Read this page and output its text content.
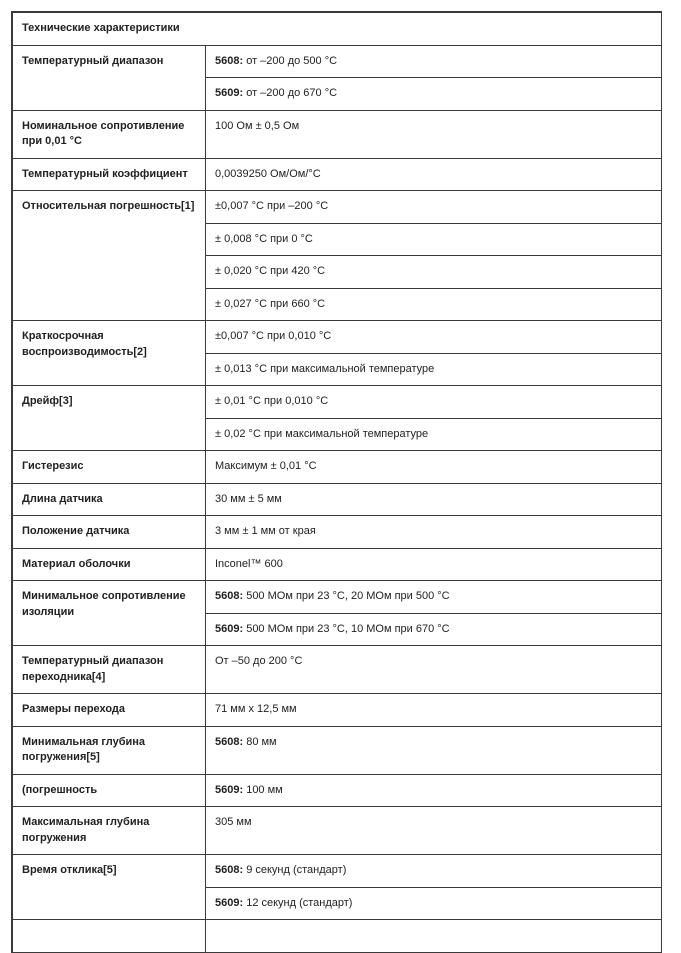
Технические характеристики	
Температурный диапазон	5608: от –200 до 500 °C
	5609: от –200 до 670 °C
Номинальное сопротивление при 0,01 °C	100 Ом ± 0,5 Ом
Температурный коэффициент	0,0039250 Ом/Ом/°C
Относительная погрешность[1]	±0,007 °C при –200 °C
	± 0,008 °C при 0 °C
	± 0,020 °C при 420 °C
	± 0,027 °C при 660 °C
Краткосрочная воспроизводимость[2]	±0,007 °C при 0,010 °C
	± 0,013 °C при максимальной температуре
Дрейф[3]	± 0,01 °C при 0,010 °C
	± 0,02 °C при максимальной температуре
Гистерезис	Максимум ± 0,01 °C
Длина датчика	30 мм ± 5 мм
Положение датчика	3 мм ± 1 мм от края
Материал оболочки	Inconel™ 600
Минимальное сопротивление изоляции	5608: 500 МОм при 23 °C, 20 МОм при 500 °C
	5609: 500 МОм при 23 °C, 10 МОм при 670 °C
Температурный диапазон переходника[4]	От –50 до 200 °C
Размеры перехода	71 мм x 12,5 мм
Минимальная глубина погружения[5]	5608: 80 мм
(погрешность	5609: 100 мм
Максимальная глубина погружения	305 мм
Время отклика[5]	5608: 9 секунд (стандарт)
	5609: 12 секунд (стандарт)
